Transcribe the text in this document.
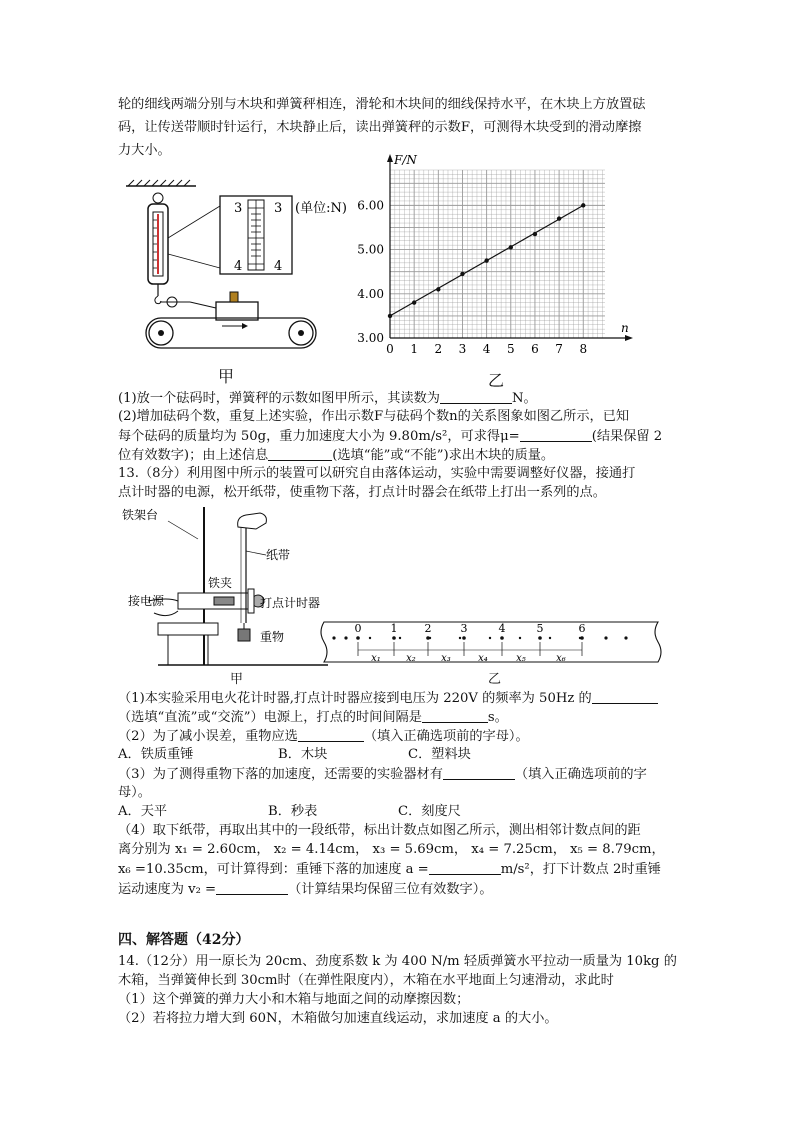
轮的细线两端分别与木块和弹簧秤相连，滑轮和木块间的细线保持水平，在木块上方放置砝
码，让传送带顺时针运行，木块静止后，读出弹簧秤的示数F，可测得木块受到的滑动摩擦
力大小。
3 3
4 4
(单位:N)
甲
0 1 2 3 4 5 6 7 8
3.00
4.00
5.00
6.00
F/N
n
乙
(1)放一个砝码时，弹簧秤的示数如图甲所示，其读数为	N。
(2)增加砝码个数，重复上述实验，作出示数F与砝码个数n的关系图象如图乙所示，已知
每个砝码的质量均为 50g，重力加速度大小为 9.80m/s²，可求得μ=	(结果保留 2
位有效数字)；由上述信息	(选填“能”或“不能”)求出木块的质量。
13.（8分）利用图中所示的装置可以研究自由落体运动，实验中需要调整好仪器，接通打
点计时器的电源，松开纸带，使重物下落，打点计时器会在纸带上打出一系列的点。
铁架台
纸带
铁夹
接电源	打点计时器
重物
甲
0	1 2	3	4	5	6
x₁	x₂	x₃	x₄	x₅	x₆
乙
（1)本实验采用电火花计时器,打点计时器应接到电压为 220V 的频率为 50Hz 的
（选填“直流”或“交流”）电源上，打点的时间间隔是	s。
（2）为了减小误差，重物应选	（填入正确选项前的字母）。
A．铁质重锤	B．木块	C．塑料块
（3）为了测得重物下落的加速度，还需要的实验器材有	（填入正确选项前的字
母）。
A．天平	B．秒表	C．刻度尺
（4）取下纸带，再取出其中的一段纸带，标出计数点如图乙所示，测出相邻计数点间的距
离分别为 x₁ = 2.60cm， x₂ = 4.14cm， x₃ = 5.69cm， x₄ = 7.25cm， x₅ = 8.79cm，
x₆ =10.35cm，可计算得到：重锤下落的加速度 a =	m/s²，打下计数点 2时重锤
运动速度为 v₂ =	（计算结果均保留三位有效数字）。
四、解答题（42分）
14.（12分）用一原长为 20cm、劲度系数 k 为 400 N/m 轻质弹簧水平拉动一质量为 10kg 的
木箱，当弹簧伸长到 30cm时（在弹性限度内），木箱在水平地面上匀速滑动，求此时
（1）这个弹簧的弹力大小和木箱与地面之间的动摩擦因数；
（2）若将拉力增大到 60N，木箱做匀加速直线运动，求加速度 a 的大小。
